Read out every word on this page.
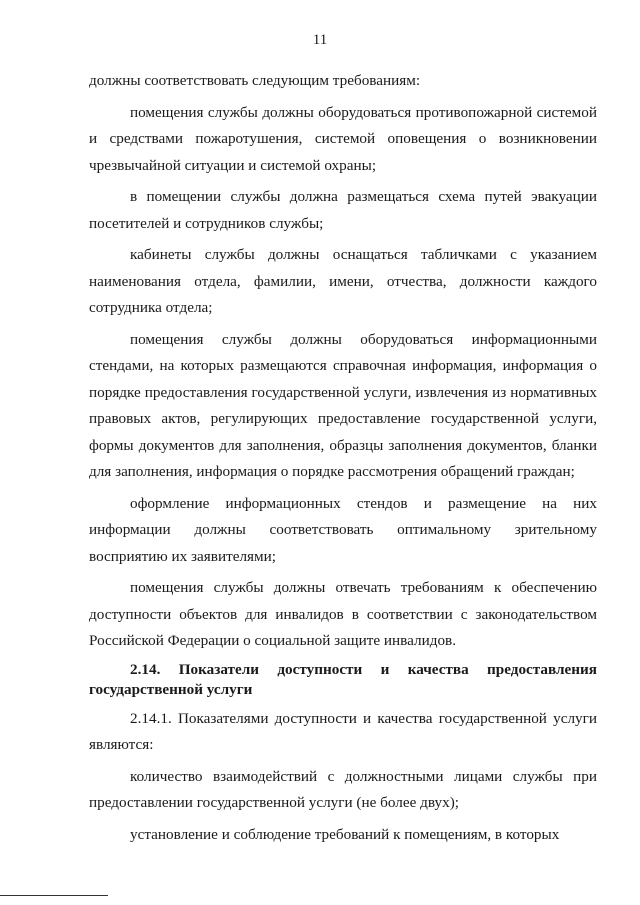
11

должны соответствовать следующим требованиям:

помещения службы должны оборудоваться противопожарной системой и средствами пожаротушения, системой оповещения о возникновении чрезвычайной ситуации и системой охраны;

в помещении службы должна размещаться схема путей эвакуации посетителей и сотрудников службы;

кабинеты службы должны оснащаться табличками с указанием наименования отдела, фамилии, имени, отчества, должности каждого сотрудника отдела;

помещения службы должны оборудоваться информационными стендами, на которых размещаются справочная информация, информация о порядке предоставления государственной услуги, извлечения из нормативных правовых актов, регулирующих предоставление государственной услуги, формы документов для заполнения, образцы заполнения документов, бланки для заполнения, информация о порядке рассмотрения обращений граждан;

оформление информационных стендов и размещение на них информации должны соответствовать оптимальному зрительному восприятию их заявителями;

помещения службы должны отвечать требованиям к обеспечению доступности объектов для инвалидов в соответствии с законодательством Российской Федерации о социальной защите инвалидов.

2.14. Показатели доступности и качества предоставления государственной услуги

2.14.1. Показателями доступности и качества государственной услуги являются:

количество взаимодействий с должностными лицами службы при предоставлении государственной услуги (не более двух);

установление и соблюдение требований к помещениям, в которых
